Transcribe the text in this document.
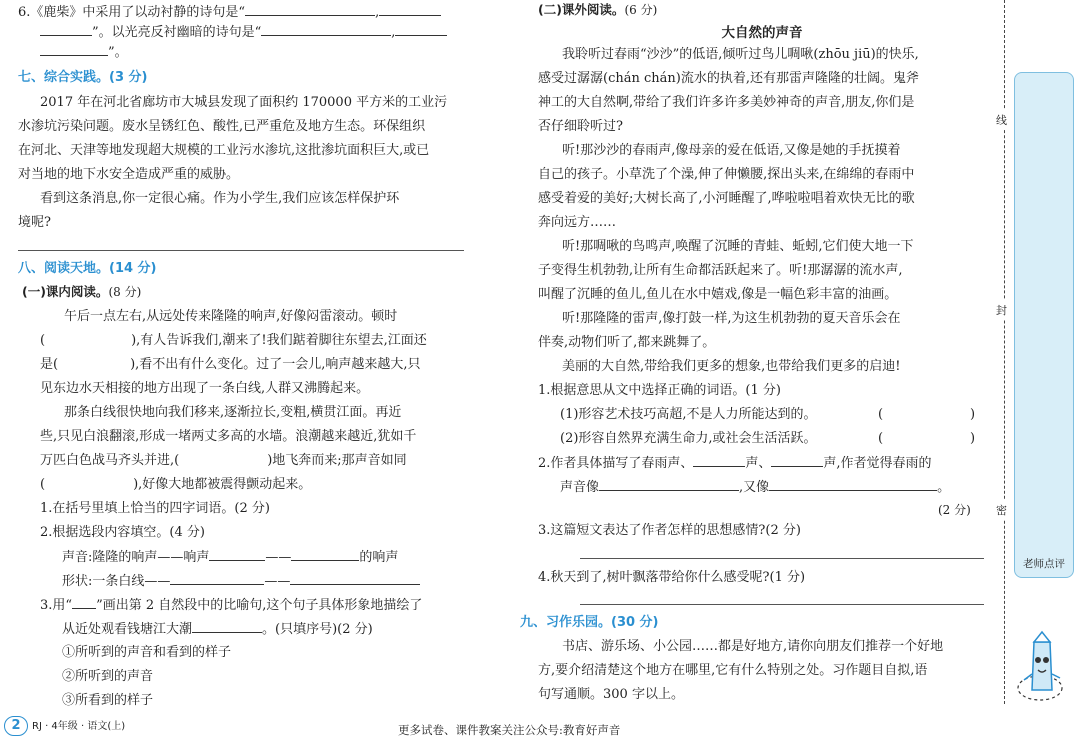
6.《鹿柴》中采用了以动衬静的诗句是“	,
”。以光亮反衬幽暗的诗句是“	,
”。
七、综合实践。(3 分)
2017 年在河北省廊坊市大城县发现了面积约 170000 平方米的工业污
水渗坑污染问题。废水呈锈红色、酸性,已严重危及地方生态。环保组织
在河北、天津等地发现超大规模的工业污水渗坑,这批渗坑面积巨大,或已
对当地的地下水安全造成严重的威胁。
看到这条消息,你一定很心痛。作为小学生,我们应该怎样保护环
境呢?
八、阅读天地。(14 分)
(一)课内阅读。(8 分)
午后一点左右,从远处传来隆隆的响声,好像闷雷滚动。顿时
(	),有人告诉我们,潮来了!我们踮着脚往东望去,江面还
是(	),看不出有什么变化。过了一会儿,响声越来越大,只
见东边水天相接的地方出现了一条白线,人群又沸腾起来。
那条白线很快地向我们移来,逐渐拉长,变粗,横贯江面。再近
些,只见白浪翻滚,形成一堵两丈多高的水墙。浪潮越来越近,犹如千
万匹白色战马齐头并进,(	)地飞奔而来;那声音如同
(	),好像大地都被震得颤动起来。
1.在括号里填上恰当的四字词语。(2 分)
2.根据选段内容填空。(4 分)
声音:隆隆的响声——响声	——	的响声
形状:一条白线——	——
3.用“ ”画出第 2 自然段中的比喻句,这个句子具体形象地描绘了
从近处观看钱塘江大潮	。(只填序号)(2 分)
①所听到的声音和看到的样子
②所听到的声音
③所看到的样子
(二)课外阅读。(6 分)
大自然的声音
我聆听过春雨“沙沙”的低语,倾听过鸟儿啁啾(zhōu jiū)的快乐,
感受过潺潺(chán chán)流水的执着,还有那雷声隆隆的壮阔。鬼斧
神工的大自然啊,带给了我们许多许多美妙神奇的声音,朋友,你们是
否仔细聆听过?
听!那沙沙的春雨声,像母亲的爱在低语,又像是她的手抚摸着
自己的孩子。小草洗了个澡,伸了伸懒腰,探出头来,在绵绵的春雨中
感受着爱的美好;大树长高了,小河睡醒了,哗啦啦唱着欢快无比的歌
奔向远方……
听!那啁啾的鸟鸣声,唤醒了沉睡的青蛙、蚯蚓,它们使大地一下
子变得生机勃勃,让所有生命都活跃起来了。听!那潺潺的流水声,
叫醒了沉睡的鱼儿,鱼儿在水中嬉戏,像是一幅色彩丰富的油画。
听!那隆隆的雷声,像打鼓一样,为这生机勃勃的夏天音乐会在
伴奏,动物们听了,都来跳舞了。
美丽的大自然,带给我们更多的想象,也带给我们更多的启迪!
1.根据意思从文中选择正确的词语。(1 分)
(1)形容艺术技巧高超,不是人力所能达到的。	(	)
(2)形容自然界充满生命力,或社会生活活跃。	(	)
2.作者具体描写了春雨声、	声、	声,作者觉得春雨的
声音像	,又像	。
(2 分)
3.这篇短文表达了作者怎样的思想感情?(2 分)
4.秋天到了,树叶飘落带给你什么感受呢?(1 分)
九、习作乐园。(30 分)
书店、游乐场、小公园……都是好地方,请你向朋友们推荐一个好地
方,要介绍清楚这个地方在哪里,它有什么特别之处。习作题目自拟,语
句写通顺。300 字以上。
线
封
密
老师点评
2 RJ · 4年级 · 语文(上)	更多试卷、课件教案关注公众号:教育好声音
